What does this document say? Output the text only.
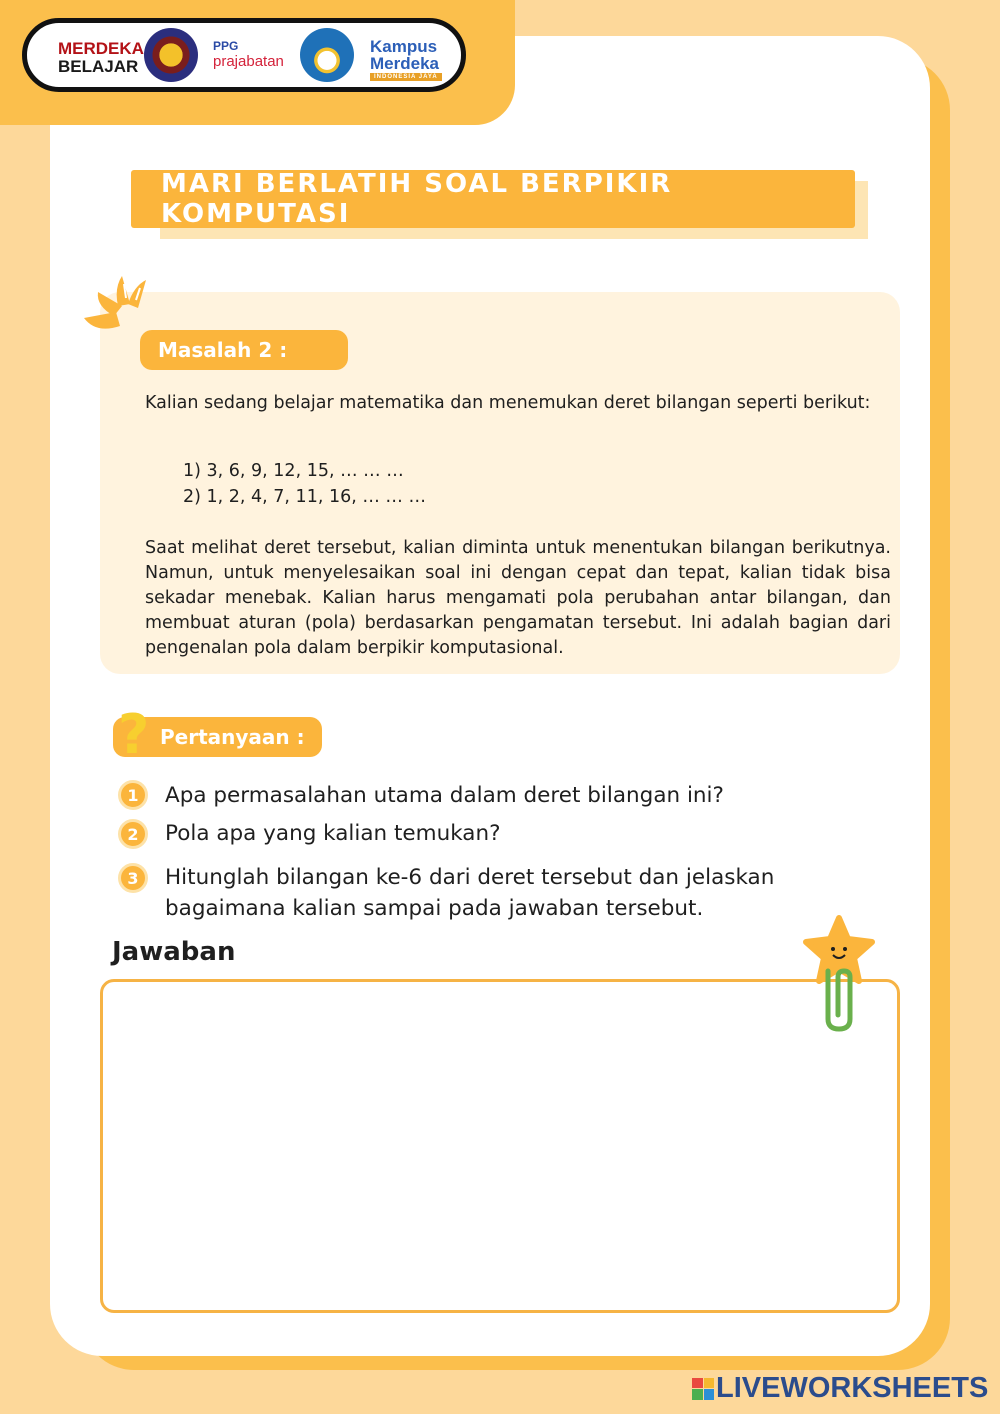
MERDEKA
BELAJAR
PPG
prajabatan
Kampus
Merdeka
INDONESIA JAYA
MARI BERLATIH SOAL BERPIKIR KOMPUTASI
Masalah 2 :
Kalian sedang belajar matematika dan menemukan deret bilangan seperti berikut:
1) 3, 6, 9, 12, 15, … … …
2) 1, 2, 4, 7, 11, 16, … … …
Saat melihat deret tersebut, kalian diminta untuk menentukan bilangan berikutnya. Namun, untuk menyelesaikan soal ini dengan cepat dan tepat, kalian tidak bisa sekadar menebak. Kalian harus mengamati pola perubahan antar bilangan, dan membuat aturan (pola) berdasarkan pengamatan tersebut. Ini adalah bagian dari pengenalan pola dalam berpikir komputasional.
Pertanyaan :
?
1	Apa permasalahan utama dalam deret bilangan ini?
2	Pola apa yang kalian temukan?
3	Hitunglah bilangan ke-6 dari deret tersebut dan jelaskan bagaimana kalian sampai pada jawaban tersebut.
Jawaban
LIVEWORKSHEETS
